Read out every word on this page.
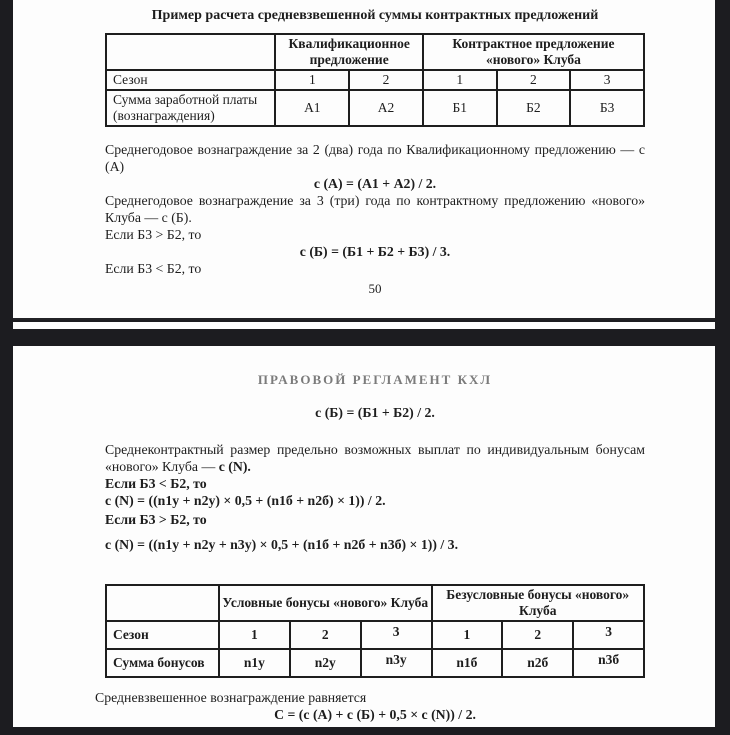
Пример расчета средневзвешенной суммы контрактных предложений
	Квалификационное предложение		Контрактное предложение «нового» Клуба		
Сезон	1	2	1	2	3
Сумма заработной платы (вознаграждения)	А1	А2	Б1	Б2	Б3
Среднегодовое вознаграждение за 2 (два) года по Квалификационному предложению — с (А)
с (А) = (А1 + А2) / 2.
Среднегодовое вознаграждение за 3 (три) года по контрактному предложению «нового» Клуба — с (Б).
Если Б3 > Б2, то
с (Б) = (Б1 + Б2 + Б3) / 3.
Если Б3 < Б2, то
50
ПРАВОВОЙ РЕГЛАМЕНТ КХЛ
с (Б) = (Б1 + Б2) / 2.
Среднеконтрактный размер предельно возможных выплат по индивидуальным бонусам «нового» Клуба — с (N).
Если Б3 < Б2, то
с (N) = ((n1у + n2у) × 0,5 + (n1б + n2б) × 1)) / 2.
Если Б3 > Б2, то
с (N) = ((n1у + n2у + n3у) × 0,5 + (n1б + n2б + n3б) × 1)) / 3.
	Условные бонусы «нового» Клуба			Безусловные бонусы «нового» Клуба		
Сезон	1	2	3	1	2	3
Сумма бонусов	n1у	n2у	n3у	n1б	n2б	n3б
Средневзвешенное вознаграждение равняется
С = (с (А) + с (Б) + 0,5 × с (N)) / 2.
